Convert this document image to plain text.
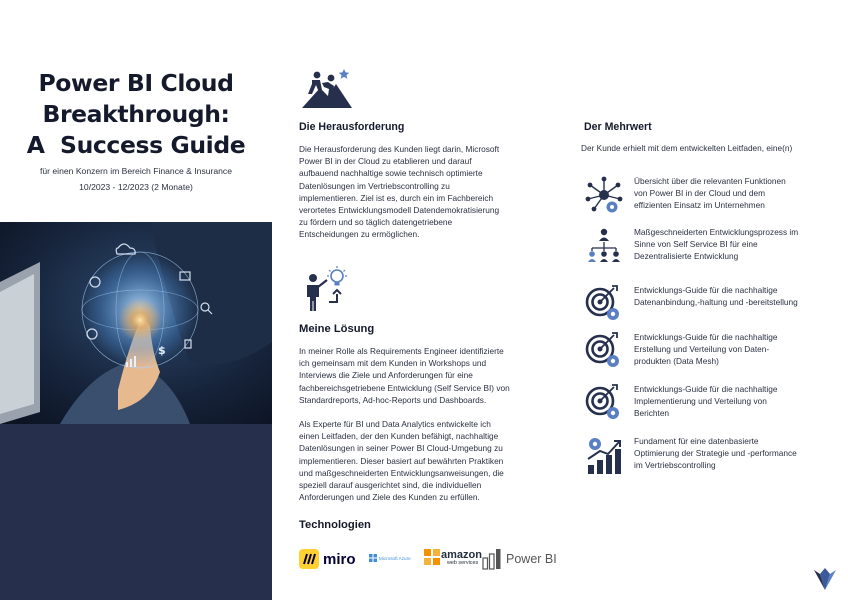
Power BI Cloud
Breakthrough:
A  Success Guide
für einen Konzern im Bereich Finance & Insurance
10/2023 - 12/2023 (2 Monate)
$
Die Herausforderung
Die Herausforderung des Kunden liegt darin, Microsoft
Power BI in der Cloud zu etablieren und darauf
aufbauend nachhaltige sowie technisch optimierte
Datenlösungen im Vertriebscontrolling zu
implementieren. Ziel ist es, durch ein im Fachbereich
verortetes Entwicklungsmodell Datendemokratisierung
zu fördern und so täglich datengetriebene
Entscheidungen zu ermöglichen.
Meine Lösung
In meiner Rolle als Requirements Engineer identifizierte
ich gemeinsam mit dem Kunden in Workshops und
Interviews die Ziele und Anforderungen für eine
fachbereichsgetriebene Entwicklung (Self Service BI) von
Standardreports, Ad-hoc-Reports und Dashboards.
Als Experte für BI und Data Analytics entwickelte ich
einen Leitfaden, der den Kunden befähigt, nachhaltige
Datenlösungen in seiner Power BI Cloud-Umgebung zu
implementieren. Dieser basiert auf bewährten Praktiken
und maßgeschneiderten Entwicklungsanweisungen, die
speziell darauf ausgerichtet sind, die individuellen
Anforderungen und Ziele des Kunden zu erfüllen.
Technologien
miro	Microsoft Azure	amazon
web services	Power BI
Der Mehrwert
Der Kunde erhielt mit dem entwickelten Leitfaden, eine(n)
Übersicht über die relevanten Funktionen
von Power BI in der Cloud und dem
effizienten Einsatz im Unternehmen
Maßgeschneiderten Entwicklungsprozess im
Sinne von Self Service BI für eine
Dezentralisierte Entwicklung
Entwicklungs-Guide für die nachhaltige
Datenanbindung,-haltung und -bereitstellung
Entwicklungs-Guide für die nachhaltige
Erstellung und Verteilung von Daten-
produkten (Data Mesh)
Entwicklungs-Guide für die nachhaltige
Implementierung und Verteilung von
Berichten
Fundament für eine datenbasierte
Optimierung der Strategie und -performance
im Vertriebscontrolling
